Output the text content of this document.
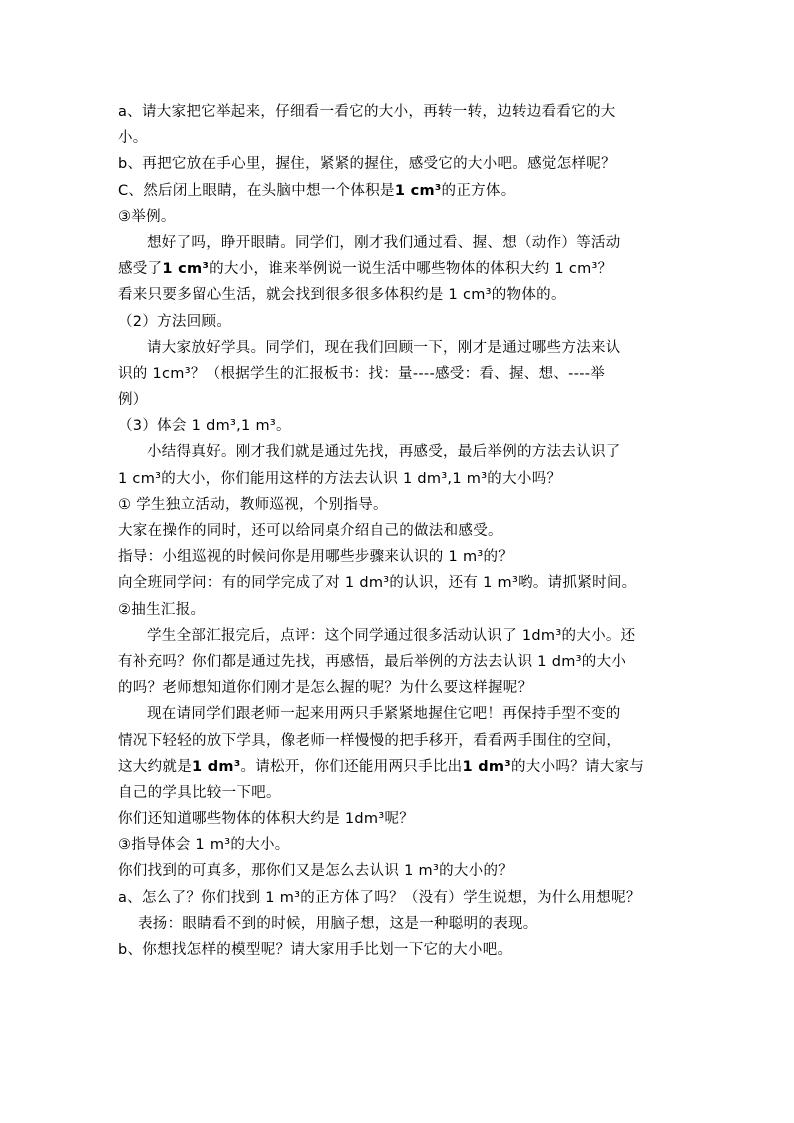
a、请大家把它举起来，仔细看一看它的大小，再转一转，边转边看看它的大
小。
b、再把它放在手心里，握住，紧紧的握住，感受它的大小吧。感觉怎样呢？
C、然后闭上眼睛，在头脑中想一个体积是1 cm³的正方体。
③举例。
想好了吗，睁开眼睛。同学们，刚才我们通过看、握、想（动作）等活动
感受了1 cm³的大小，谁来举例说一说生活中哪些物体的体积大约 1 cm³？
看来只要多留心生活，就会找到很多很多体积约是 1 cm³的物体的。
（2）方法回顾。
请大家放好学具。同学们，现在我们回顾一下，刚才是通过哪些方法来认
识的 1cm³？（根据学生的汇报板书：找：量----感受：看、握、想、----举
例）
（3）体会 1 dm³,1 m³。
小结得真好。刚才我们就是通过先找，再感受，最后举例的方法去认识了
1 cm³的大小，你们能用这样的方法去认识 1 dm³,1 m³的大小吗？
① 学生独立活动，教师巡视，个别指导。
大家在操作的同时，还可以给同桌介绍自己的做法和感受。
指导：小组巡视的时候问你是用哪些步骤来认识的 1 m³的？
向全班同学问：有的同学完成了对 1 dm³的认识，还有 1 m³哟。请抓紧时间。
②抽生汇报。
学生全部汇报完后，点评：这个同学通过很多活动认识了 1dm³的大小。还
有补充吗？你们都是通过先找，再感悟，最后举例的方法去认识 1 dm³的大小
的吗？老师想知道你们刚才是怎么握的呢？为什么要这样握呢？
现在请同学们跟老师一起来用两只手紧紧地握住它吧！再保持手型不变的
情况下轻轻的放下学具，像老师一样慢慢的把手移开，看看两手围住的空间，
这大约就是1 dm³。请松开，你们还能用两只手比出1 dm³的大小吗？请大家与
自己的学具比较一下吧。
你们还知道哪些物体的体积大约是 1dm³呢？
③指导体会 1 m³的大小。
你们找到的可真多，那你们又是怎么去认识 1 m³的大小的？
a、怎么了？你们找到 1 m³的正方体了吗？（没有）学生说想，为什么用想呢？
表扬：眼睛看不到的时候，用脑子想，这是一种聪明的表现。
b、你想找怎样的模型呢？请大家用手比划一下它的大小吧。
